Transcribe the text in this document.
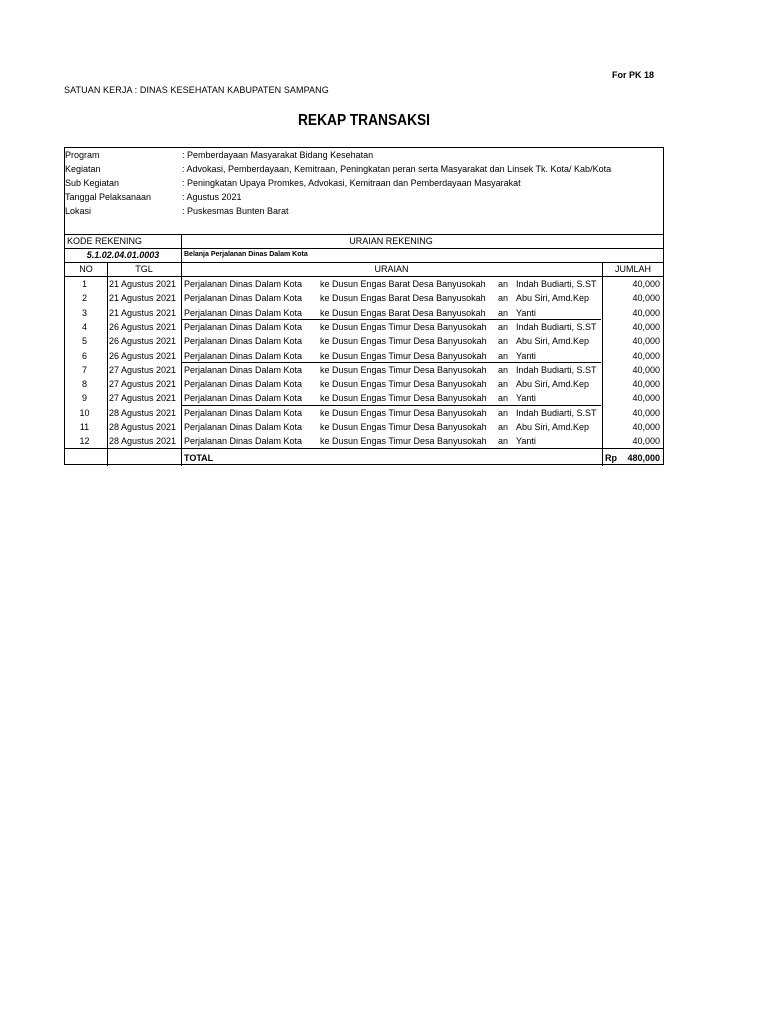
For PK 18
SATUAN KERJA : DINAS KESEHATAN KABUPATEN SAMPANG
REKAP TRANSAKSI
Program	: Pemberdayaan Masyarakat Bidang Kesehatan
Kegiatan	: Advokasi, Pemberdayaan, Kemitraan, Peningkatan peran serta Masyarakat dan Linsek Tk. Kota/ Kab/Kota
Sub Kegiatan	: Peningkatan Upaya Promkes, Advokasi, Kemitraan dan Pemberdayaan Masyarakat
Tanggal Pelaksanaan	: Agustus 2021
Lokasi	: Puskesmas Bunten Barat
KODE REKENING	URAIAN REKENING
5.1.02.04.01.0003	Belanja Perjalanan Dinas Dalam Kota
NO	TGL	URAIAN	JUMLAH
1	21 Agustus 2021 Perjalanan Dinas Dalam Kota	ke Dusun Engas Barat Desa Banyusokah	an Indah Budiarti, S.ST	40,000
2	21 Agustus 2021 Perjalanan Dinas Dalam Kota	ke Dusun Engas Barat Desa Banyusokah	an Abu Siri, Amd.Kep	40,000
3	21 Agustus 2021 Perjalanan Dinas Dalam Kota	ke Dusun Engas Barat Desa Banyusokah	an Yanti	40,000
4	26 Agustus 2021 Perjalanan Dinas Dalam Kota	ke Dusun Engas Timur Desa Banyusokah	an Indah Budiarti, S.ST	40,000
5	26 Agustus 2021 Perjalanan Dinas Dalam Kota	ke Dusun Engas Timur Desa Banyusokah	an Abu Siri, Amd.Kep	40,000
6	26 Agustus 2021 Perjalanan Dinas Dalam Kota	ke Dusun Engas Timur Desa Banyusokah	an Yanti	40,000
7	27 Agustus 2021 Perjalanan Dinas Dalam Kota	ke Dusun Engas Timur Desa Banyusokah	an Indah Budiarti, S.ST	40,000
8	27 Agustus 2021 Perjalanan Dinas Dalam Kota	ke Dusun Engas Timur Desa Banyusokah	an Abu Siri, Amd.Kep	40,000
9	27 Agustus 2021 Perjalanan Dinas Dalam Kota	ke Dusun Engas Timur Desa Banyusokah	an Yanti	40,000
10	28 Agustus 2021 Perjalanan Dinas Dalam Kota	ke Dusun Engas Timur Desa Banyusokah	an Indah Budiarti, S.ST	40,000
11	28 Agustus 2021 Perjalanan Dinas Dalam Kota	ke Dusun Engas Timur Desa Banyusokah	an Abu Siri, Amd.Kep	40,000
12	28 Agustus 2021 Perjalanan Dinas Dalam Kota	ke Dusun Engas Timur Desa Banyusokah	an Yanti	40,000
TOTAL	Rp	480,000
